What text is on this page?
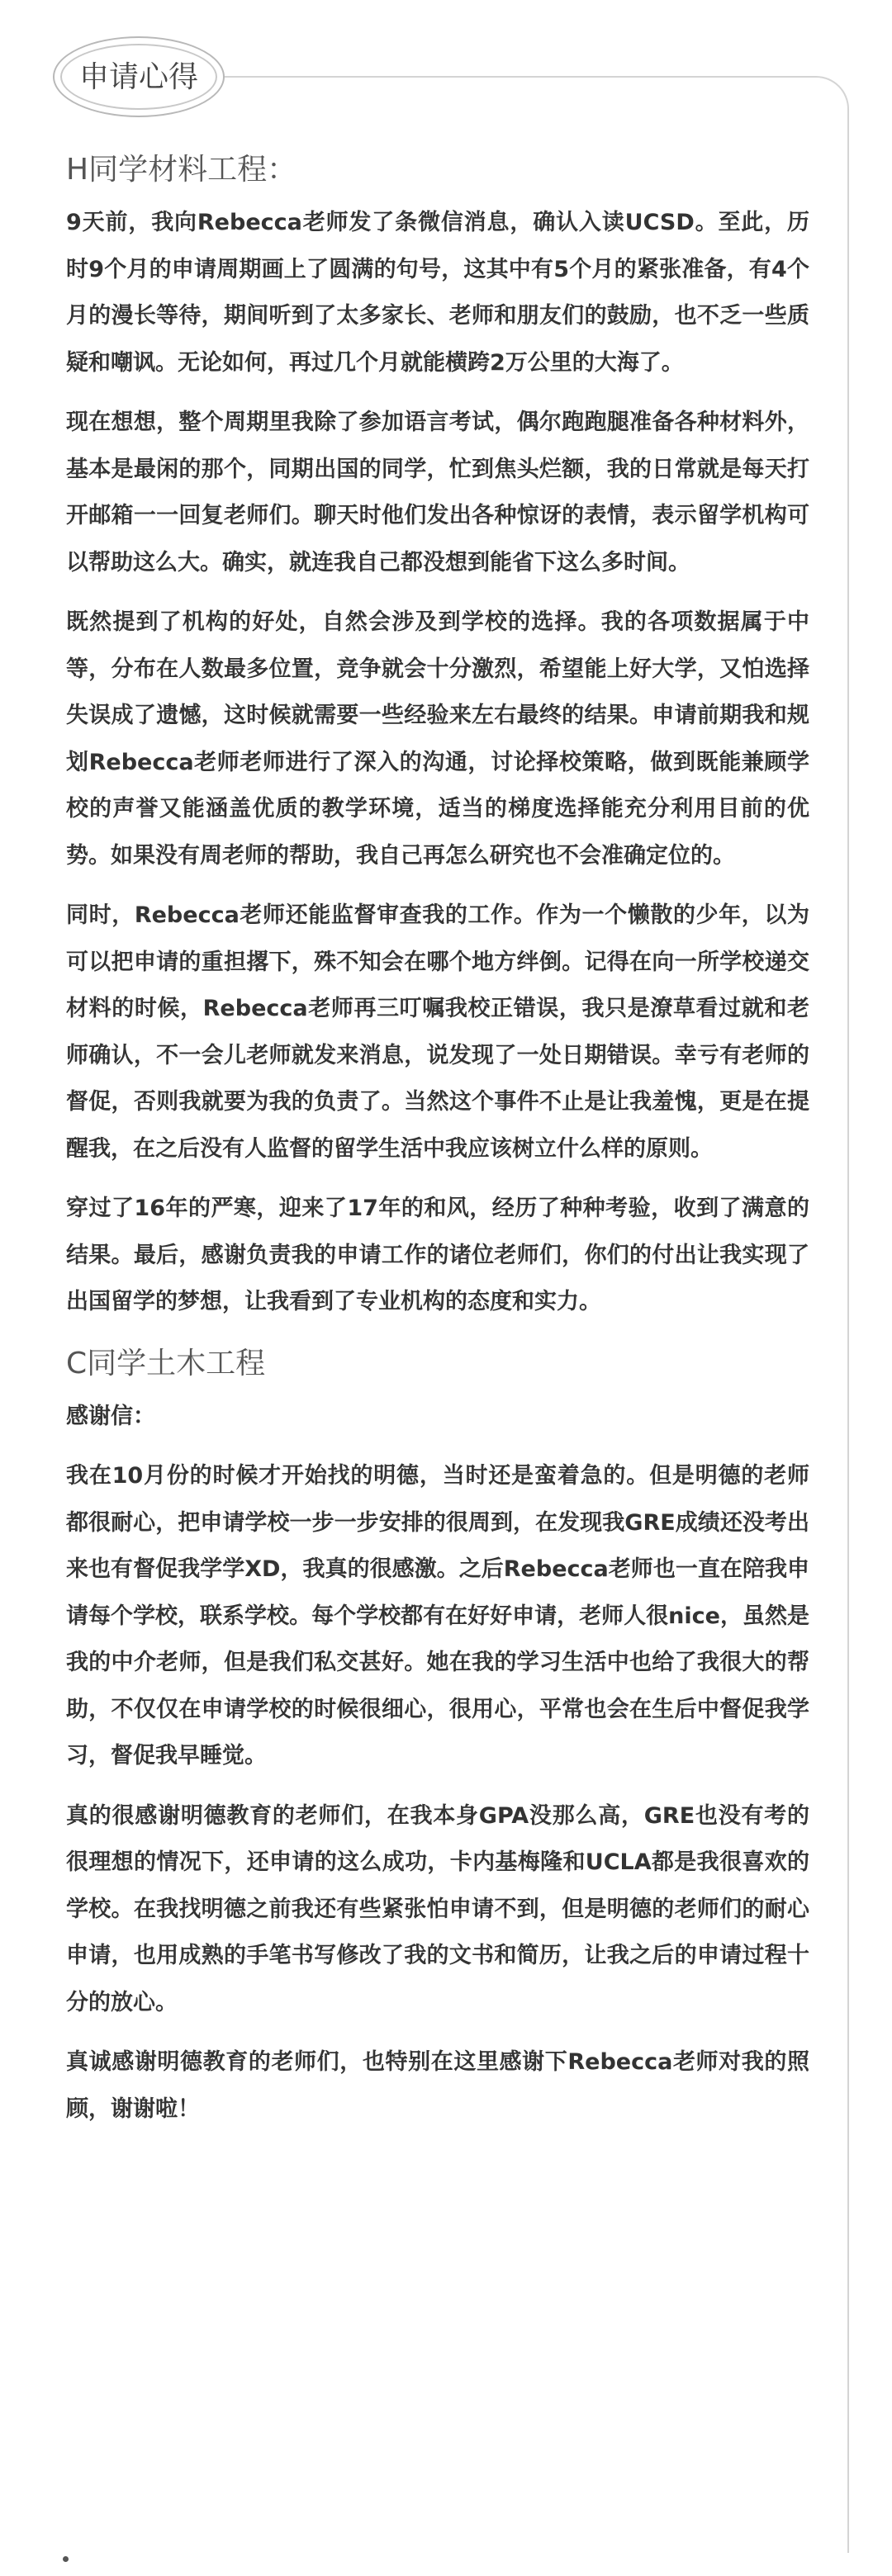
申请心得
H同学材料工程：

9天前，我向Rebecca老师发了条微信消息，确认入读UCSD。至此，历时9个月的申请周期画上了圆满的句号，这其中有5个月的紧张准备，有4个月的漫长等待，期间听到了太多家长、老师和朋友们的鼓励，也不乏一些质疑和嘲讽。无论如何，再过几个月就能横跨2万公里的大海了。

现在想想，整个周期里我除了参加语言考试，偶尔跑跑腿准备各种材料外，基本是最闲的那个，同期出国的同学，忙到焦头烂额，我的日常就是每天打开邮箱一一回复老师们。聊天时他们发出各种惊讶的表情，表示留学机构可以帮助这么大。确实，就连我自己都没想到能省下这么多时间。

既然提到了机构的好处，自然会涉及到学校的选择。我的各项数据属于中等，分布在人数最多位置，竞争就会十分激烈，希望能上好大学，又怕选择失误成了遗憾，这时候就需要一些经验来左右最终的结果。申请前期我和规划Rebecca老师老师进行了深入的沟通，讨论择校策略，做到既能兼顾学校的声誉又能涵盖优质的教学环境，适当的梯度选择能充分利用目前的优势。如果没有周老师的帮助，我自己再怎么研究也不会准确定位的。

同时，Rebecca老师还能监督审查我的工作。作为一个懒散的少年，以为可以把申请的重担撂下，殊不知会在哪个地方绊倒。记得在向一所学校递交材料的时候，Rebecca老师再三叮嘱我校正错误，我只是潦草看过就和老师确认，不一会儿老师就发来消息，说发现了一处日期错误。幸亏有老师的督促，否则我就要为我的负责了。当然这个事件不止是让我羞愧，更是在提醒我，在之后没有人监督的留学生活中我应该树立什么样的原则。

穿过了16年的严寒，迎来了17年的和风，经历了种种考验，收到了满意的结果。最后，感谢负责我的申请工作的诸位老师们，你们的付出让我实现了出国留学的梦想，让我看到了专业机构的态度和实力。

C同学土木工程

感谢信：

我在10月份的时候才开始找的明德，当时还是蛮着急的。但是明德的老师都很耐心，把申请学校一步一步安排的很周到，在发现我GRE成绩还没考出来也有督促我学学XD，我真的很感激。之后Rebecca老师也一直在陪我申请每个学校，联系学校。每个学校都有在好好申请，老师人很nice，虽然是我的中介老师，但是我们私交甚好。她在我的学习生活中也给了我很大的帮助，不仅仅在申请学校的时候很细心，很用心，平常也会在生后中督促我学习，督促我早睡觉。

真的很感谢明德教育的老师们，在我本身GPA没那么高，GRE也没有考的很理想的情况下，还申请的这么成功，卡内基梅隆和UCLA都是我很喜欢的学校。在我找明德之前我还有些紧张怕申请不到，但是明德的老师们的耐心申请，也用成熟的手笔书写修改了我的文书和简历，让我之后的申请过程十分的放心。

真诚感谢明德教育的老师们，也特别在这里感谢下Rebecca老师对我的照顾，谢谢啦！
